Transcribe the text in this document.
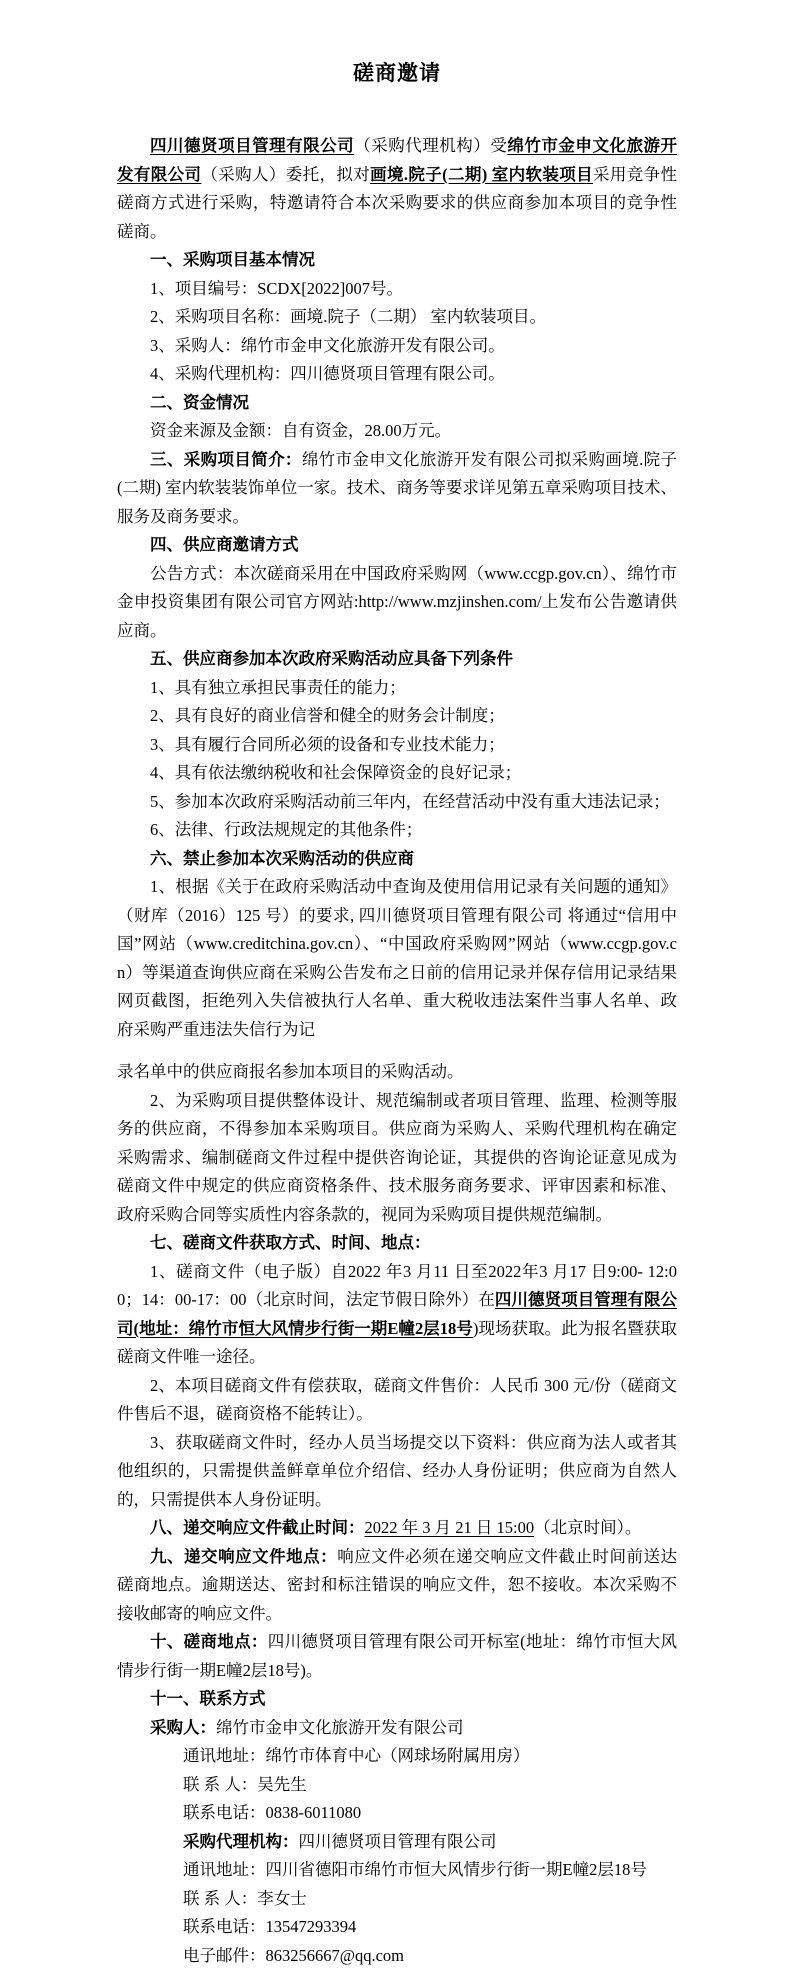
磋商邀请

四川德贤项目管理有限公司（采购代理机构）受绵竹市金申文化旅游开发有限公司（采购人）委托，拟对画境.院子(二期) 室内软装项目采用竞争性磋商方式进行采购，特邀请符合本次采购要求的供应商参加本项目的竞争性磋商。

一、采购项目基本情况

1、项目编号：SCDX[2022]007号。

2、采购项目名称：画境.院子（二期） 室内软装项目。

3、采购人：绵竹市金申文化旅游开发有限公司。

4、采购代理机构：四川德贤项目管理有限公司。

二、资金情况

资金来源及金额：自有资金，28.00万元。

三、采购项目简介：绵竹市金申文化旅游开发有限公司拟采购画境.院子(二期) 室内软装装饰单位一家。技术、商务等要求详见第五章采购项目技术、服务及商务要求。

四、供应商邀请方式

公告方式：本次磋商采用在中国政府采购网（www.ccgp.gov.cn）、绵竹市金申投资集团有限公司官方网站:http://www.mzjinshen.com/上发布公告邀请供应商。

五、供应商参加本次政府采购活动应具备下列条件

1、具有独立承担民事责任的能力；

2、具有良好的商业信誉和健全的财务会计制度；

3、具有履行合同所必须的设备和专业技术能力；

4、具有依法缴纳税收和社会保障资金的良好记录；

5、参加本次政府采购活动前三年内，在经营活动中没有重大违法记录；

6、法律、行政法规规定的其他条件；

六、禁止参加本次采购活动的供应商

1、根据《关于在政府采购活动中查询及使用信用记录有关问题的通知》（财库（2016）125 号）的要求, 四川德贤项目管理有限公司 将通过“信用中国”网站（www.creditchina.gov.cn）、“中国政府采购网”网站（www.ccgp.gov.cn）等渠道查询供应商在采购公告发布之日前的信用记录并保存信用记录结果网页截图，拒绝列入失信被执行人名单、重大税收违法案件当事人名单、政府采购严重违法失信行为记

录名单中的供应商报名参加本项目的采购活动。

2、为采购项目提供整体设计、规范编制或者项目管理、监理、检测等服务的供应商，不得参加本采购项目。供应商为采购人、采购代理机构在确定采购需求、编制磋商文件过程中提供咨询论证，其提供的咨询论证意见成为磋商文件中规定的供应商资格条件、技术服务商务要求、评审因素和标准、政府采购合同等实质性内容条款的，视同为采购项目提供规范编制。

七、磋商文件获取方式、时间、地点：

1、磋商文件（电子版）自2022 年3 月11 日至2022年3 月17 日9:00- 12:00；14：00-17：00（北京时间，法定节假日除外）在四川德贤项目管理有限公司(地址：绵竹市恒大风情步行街一期E幢2层18号)现场获取。此为报名暨获取磋商文件唯一途径。

2、本项目磋商文件有偿获取，磋商文件售价：人民币 300 元/份（磋商文件售后不退，磋商资格不能转让）。

3、获取磋商文件时，经办人员当场提交以下资料：供应商为法人或者其他组织的，只需提供盖鲜章单位介绍信、经办人身份证明；供应商为自然人的，只需提供本人身份证明。

八、递交响应文件截止时间：2022 年 3 月 21 日 15:00（北京时间）。

九、递交响应文件地点：响应文件必须在递交响应文件截止时间前送达磋商地点。逾期送达、密封和标注错误的响应文件，恕不接收。本次采购不接收邮寄的响应文件。

十、磋商地点：四川德贤项目管理有限公司开标室(地址：绵竹市恒大风情步行街一期E幢2层18号)。

十一、联系方式

采购人：绵竹市金申文化旅游开发有限公司

通讯地址：绵竹市体育中心（网球场附属用房）

联 系 人：吴先生

联系电话：0838-6011080

采购代理机构：四川德贤项目管理有限公司

通讯地址：四川省德阳市绵竹市恒大风情步行街一期E幢2层18号

联 系 人：李女士

联系电话：13547293394

电子邮件：863256667@qq.com
